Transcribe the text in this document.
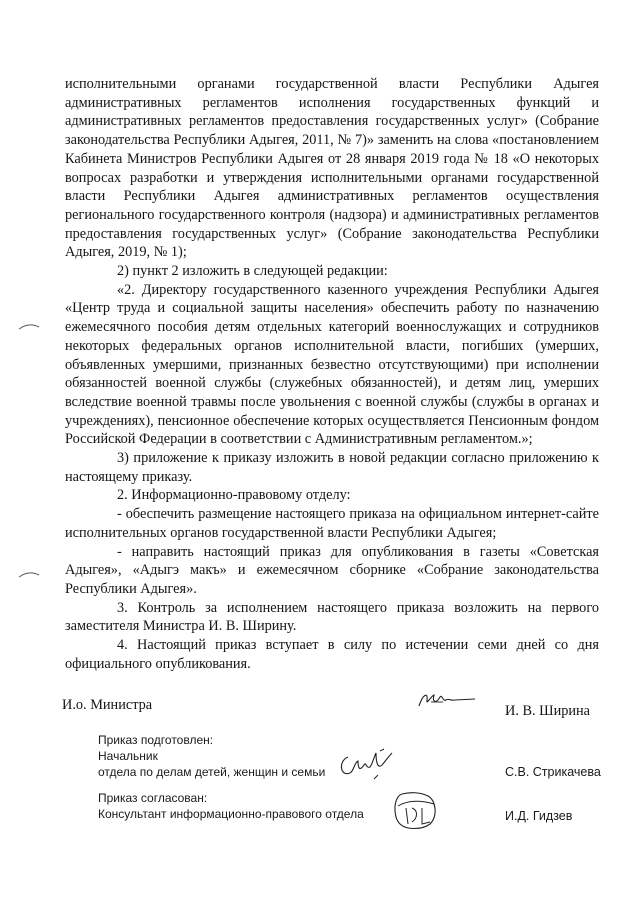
исполнительными органами государственной власти Республики Адыгея административных регламентов исполнения государственных функций и административных регламентов предоставления государственных услуг» (Собрание законодательства Республики Адыгея, 2011, № 7)» заменить на слова «постановлением Кабинета Министров Республики Адыгея от 28 января 2019 года № 18 «О некоторых вопросах разработки и утверждения исполнительными органами государственной власти Республики Адыгея административных регламентов осуществления регионального государственного контроля (надзора) и административных регламентов предоставления государственных услуг» (Собрание законодательства Республики Адыгея, 2019, № 1);

2) пункт 2 изложить в следующей редакции:

«2. Директору государственного казенного учреждения Республики Адыгея «Центр труда и социальной защиты населения» обеспечить работу по назначению ежемесячного пособия детям отдельных категорий военнослужащих и сотрудников некоторых федеральных органов исполнительной власти, погибших (умерших, объявленных умершими, признанных безвестно отсутствующими) при исполнении обязанностей военной службы (служебных обязанностей), и детям лиц, умерших вследствие военной травмы после увольнения с военной службы (службы в органах и учреждениях), пенсионное обеспечение которых осуществляется Пенсионным фондом Российской Федерации в соответствии с Административным регламентом.»;

3) приложение к приказу изложить в новой редакции согласно приложению к настоящему приказу.

2. Информационно-правовому отделу:

- обеспечить размещение настоящего приказа на официальном интернет-сайте исполнительных органов государственной власти Республики Адыгея;

- направить настоящий приказ для опубликования в газеты «Советская Адыгея», «Адыгэ макъ» и ежемесячном сборнике «Собрание законодательства Республики Адыгея».

3. Контроль за исполнением настоящего приказа возложить на первого заместителя Министра И. В. Ширину.

4. Настоящий приказ вступает в силу по истечении семи дней со дня официального опубликования.

И.о. Министра	И. В. Ширина
Приказ подготовлен:
Начальник
отдела по делам детей, женщин и семьи	С.В. Стрикачева
Приказ согласован:
Консультант информационно-правового отдела	И.Д. Гидзев
